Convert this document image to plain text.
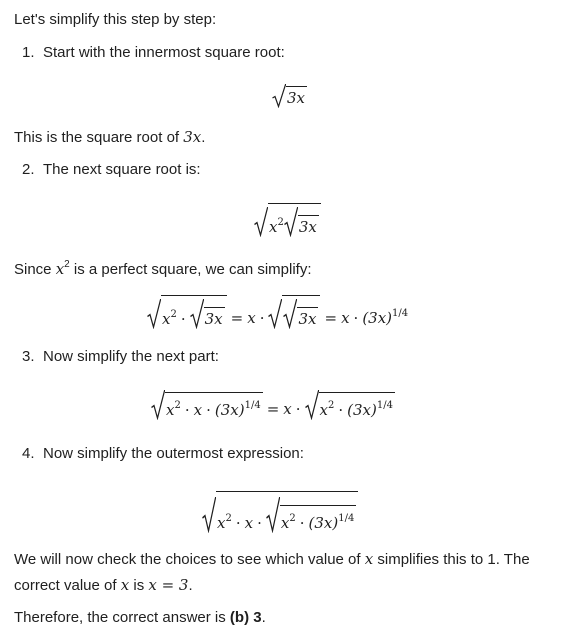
Let's simplify this step by step:
1. Start with the innermost square root:
3x
This is the square root of 3x.
2. The next square root is:
$x^2$ 3x
Since $x^2$ is a perfect square, we can simplify:
$x^2 \cdot 3x = x \cdot 3x = x \cdot (3x)^{1/4}$
3. Now simplify the next part:
$x^2 \cdot x \cdot (3x)^{1/4} = x \cdot x^2 \cdot (3x)^{1/4}$
4. Now simplify the outermost expression:
$x^2 \cdot x \cdot x^2 \cdot (3x)^{1/4}$
We will now check the choices to see which value of x simplifies this to 1. The
correct value of x is x = 3.
Therefore, the correct answer is (b) 3.
